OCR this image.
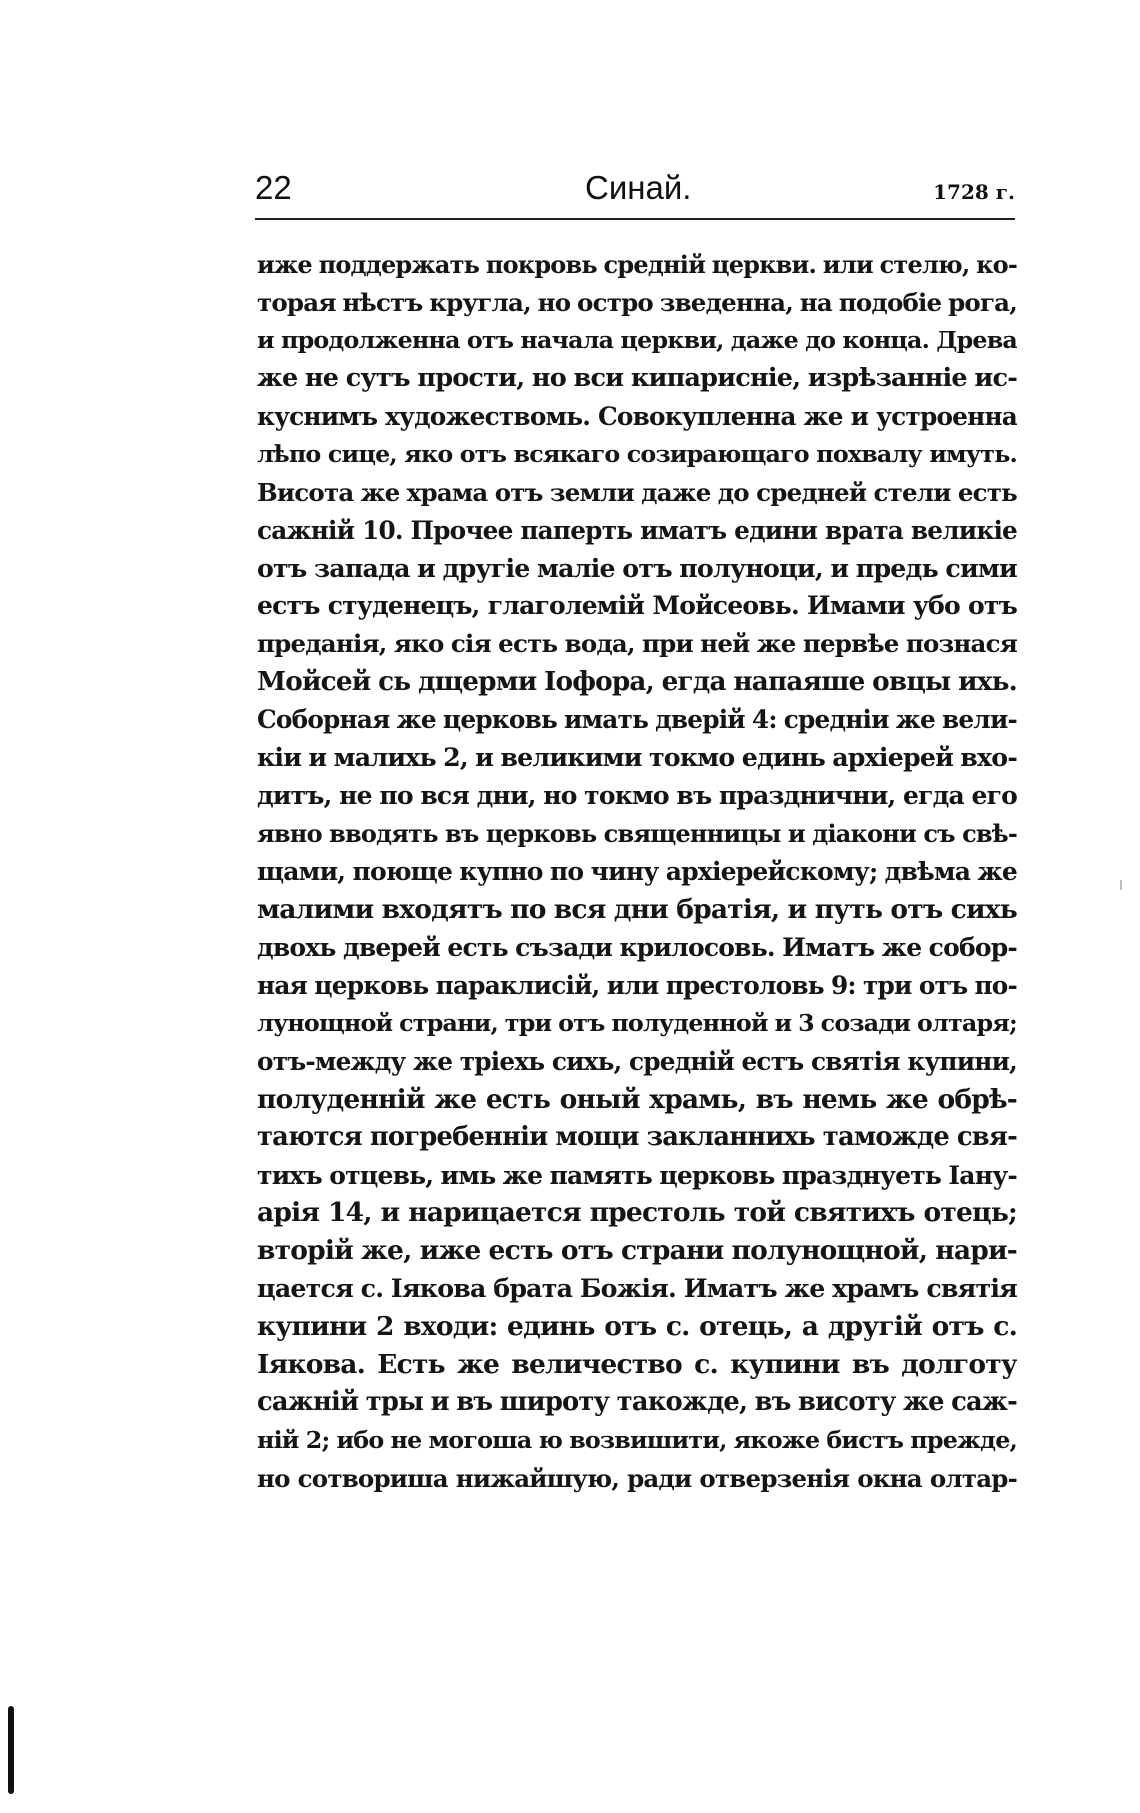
22	Синай.	1728 г.
иже поддержать покровь средній церкви. или стелю, ко-
торая нѣстъ кругла, но остро зведенна, на подобіе рога,
и продолженна отъ начала церкви, даже до конца. Древа
же не сутъ прости, но вси кипарисніе, изрѣзанніе ис-
куснимъ художествомь. Совокупленна же и устроенна
лѣпо сице, яко отъ всякаго созирающаго похвалу имуть.
Висота же храма отъ земли даже до средней стели есть
сажній 10. Прочее паперть иматъ едини врата великіе
отъ запада и другіе маліе отъ полуноци, и предь сими
естъ студенецъ, глаголемій Мойсеовь. Имами убо отъ
преданія, яко сія есть вода, при ней же первѣе познася
Мойсей сь дщерми Іофора, егда напаяше овцы ихь.
Соборная же церковь имать дверій 4: средніи же вели-
кіи и малихь 2, и великими токмо единь архіерей вхо-
дитъ, не по вся дни, но токмо въ празднични, егда его
явно вводять въ церковь священницы и діакони съ свѣ-
щами, поюще купно по чину архіерейскому; двѣма же
малими входятъ по вся дни братія, и путь отъ сихь
двохь дверей есть съзади крилосовь. Иматъ же собор-
ная церковь параклисій, или престоловь 9: три отъ по-
лунощной страни, три отъ полуденной и 3 созади олтаря;
отъ-между же тріехь сихь, средній естъ святія купини,
полуденній же есть оный храмь, въ немь же обрѣ-
таются погребенніи мощи закланнихь таможде свя-
тихъ отцевь, имь же память церковь празднуеть Іану-
арія 14, и нарицается престоль той святихъ отець;
вторій же, иже есть отъ страни полунощной, нари-
цается с. Іякова брата Божія. Иматъ же храмъ святія
купини 2 входи: единь отъ с. отець, а другій отъ с.
Іякова. Есть же величество с. купини въ долготу
сажній тры и въ широту такожде, въ висоту же саж-
ній 2; ибо не могоша ю возвишити, якоже бистъ прежде,
но сотвориша нижайшую, ради отверзенія окна олтар-
